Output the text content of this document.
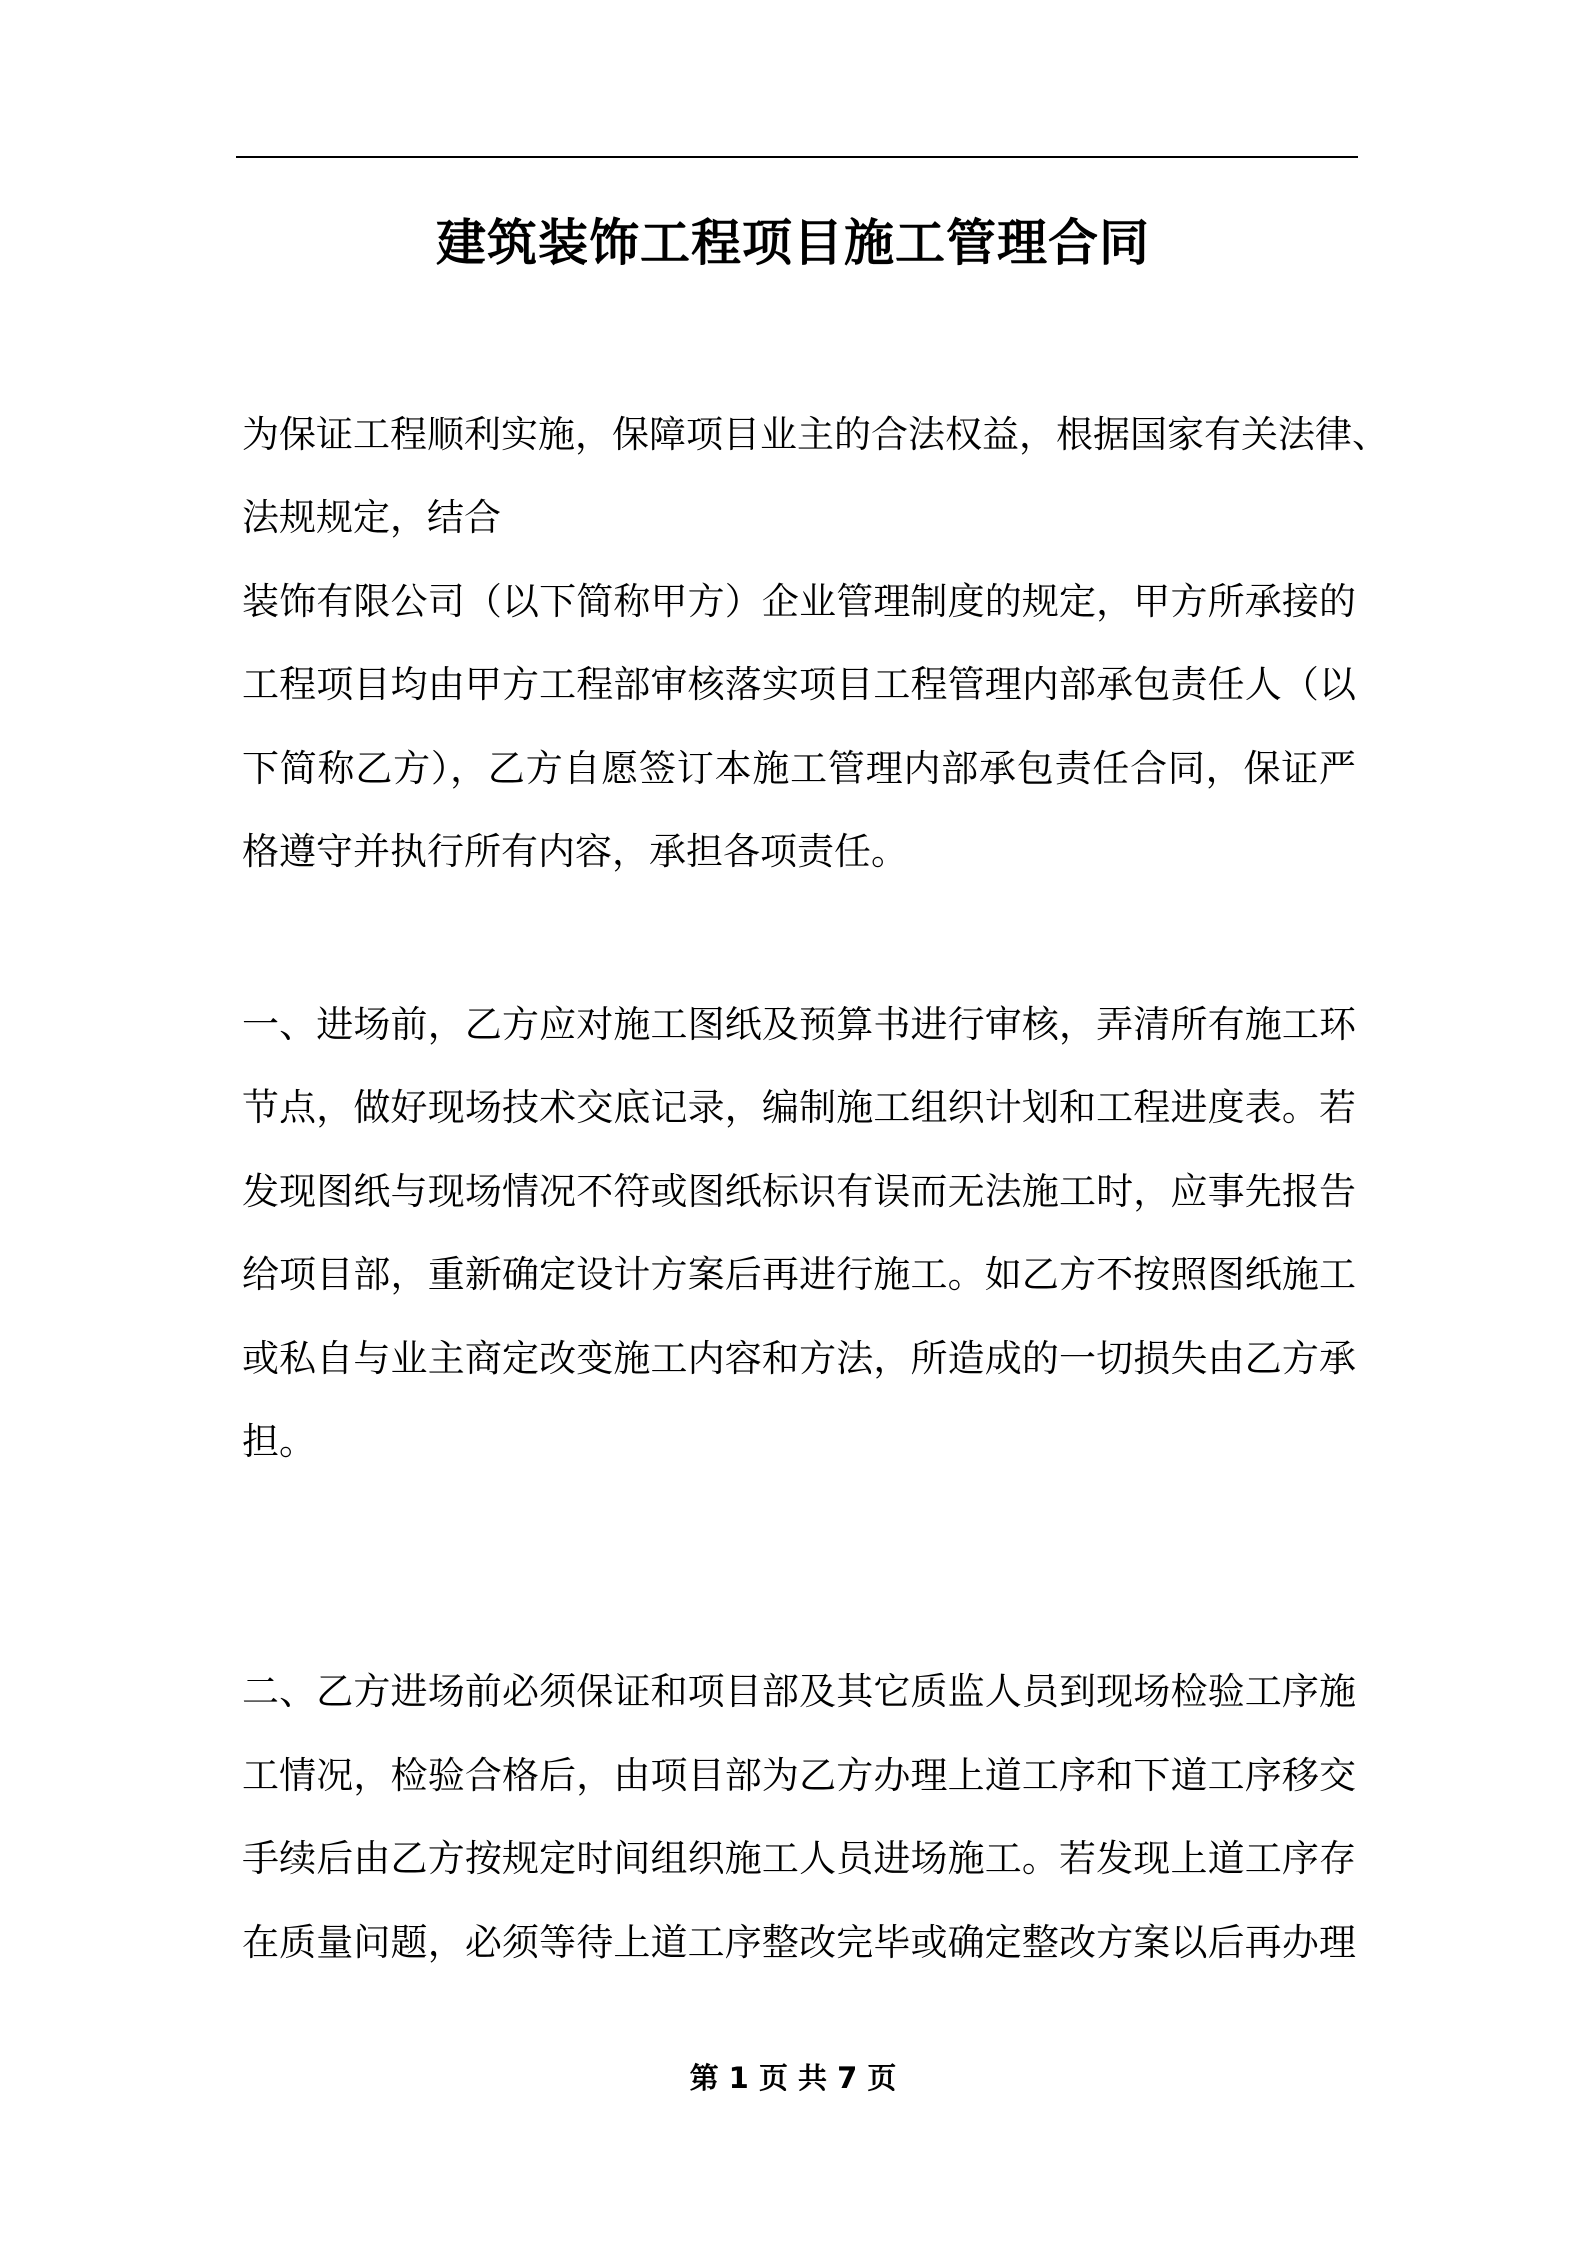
建筑装饰工程项目施工管理合同
为保证工程顺利实施，保障项目业主的合法权益，根据国家有关法律、
法规规定，结合
装饰有限公司（以下简称甲方）企业管理制度的规定，甲方所承接的
工程项目均由甲方工程部审核落实项目工程管理内部承包责任人（以
下简称乙方），乙方自愿签订本施工管理内部承包责任合同，保证严
格遵守并执行所有内容，承担各项责任。
一、进场前，乙方应对施工图纸及预算书进行审核，弄清所有施工环
节点，做好现场技术交底记录，编制施工组织计划和工程进度表。若
发现图纸与现场情况不符或图纸标识有误而无法施工时，应事先报告
给项目部，重新确定设计方案后再进行施工。如乙方不按照图纸施工
或私自与业主商定改变施工内容和方法，所造成的一切损失由乙方承
担。
二、乙方进场前必须保证和项目部及其它质监人员到现场检验工序施
工情况，检验合格后，由项目部为乙方办理上道工序和下道工序移交
手续后由乙方按规定时间组织施工人员进场施工。若发现上道工序存
在质量问题，必须等待上道工序整改完毕或确定整改方案以后再办理
第 1 页 共 7 页
